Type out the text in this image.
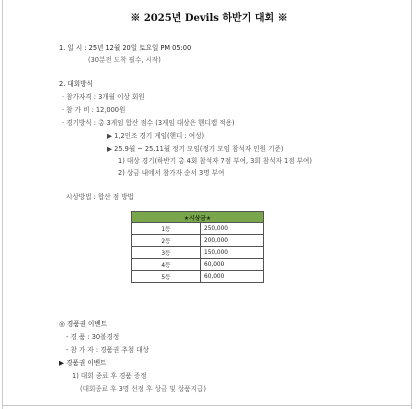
※ 2025년 Devils 하반기 대회 ※
1. 일 시 : 25년 12월 20일 토요일 PM 05:00
(30분전 도착 필수, 시작)
2. 대회방식
· 참가자격 : 3개월 이상 회원
· 참 가 비 : 12,000원
· 경기방식 : 총 3게임 합산 점수 (3게임 대상은 핸디캡 적용)
▶ 1,2인조 경기 게임(핸디 : 여성)
▶ 25.9월 ~ 25.11월 정기 모임(정기 모임 참석자 인원 기준)
1) 대상 경기(하반기 총 4회 참석자 7점 부여, 3회 참석자 1점 부여)
2) 상금 내에서 참가자 순서 3명 부여
시상방법 : 합산 점 방법
★시상금★	
1등	250,000
2등	200,000
3등	150,000
4등	60,000
5등	60,000
◎ 경품권 이벤트
- 경 품 : 30볼경정
- 참 가 자 : 경품권 추첨 대상
▶ 경품권 이벤트
1) 대회 종료 후 경품 증정
(대회종료 후 3명 선정 후 상금 및 상품지급)
